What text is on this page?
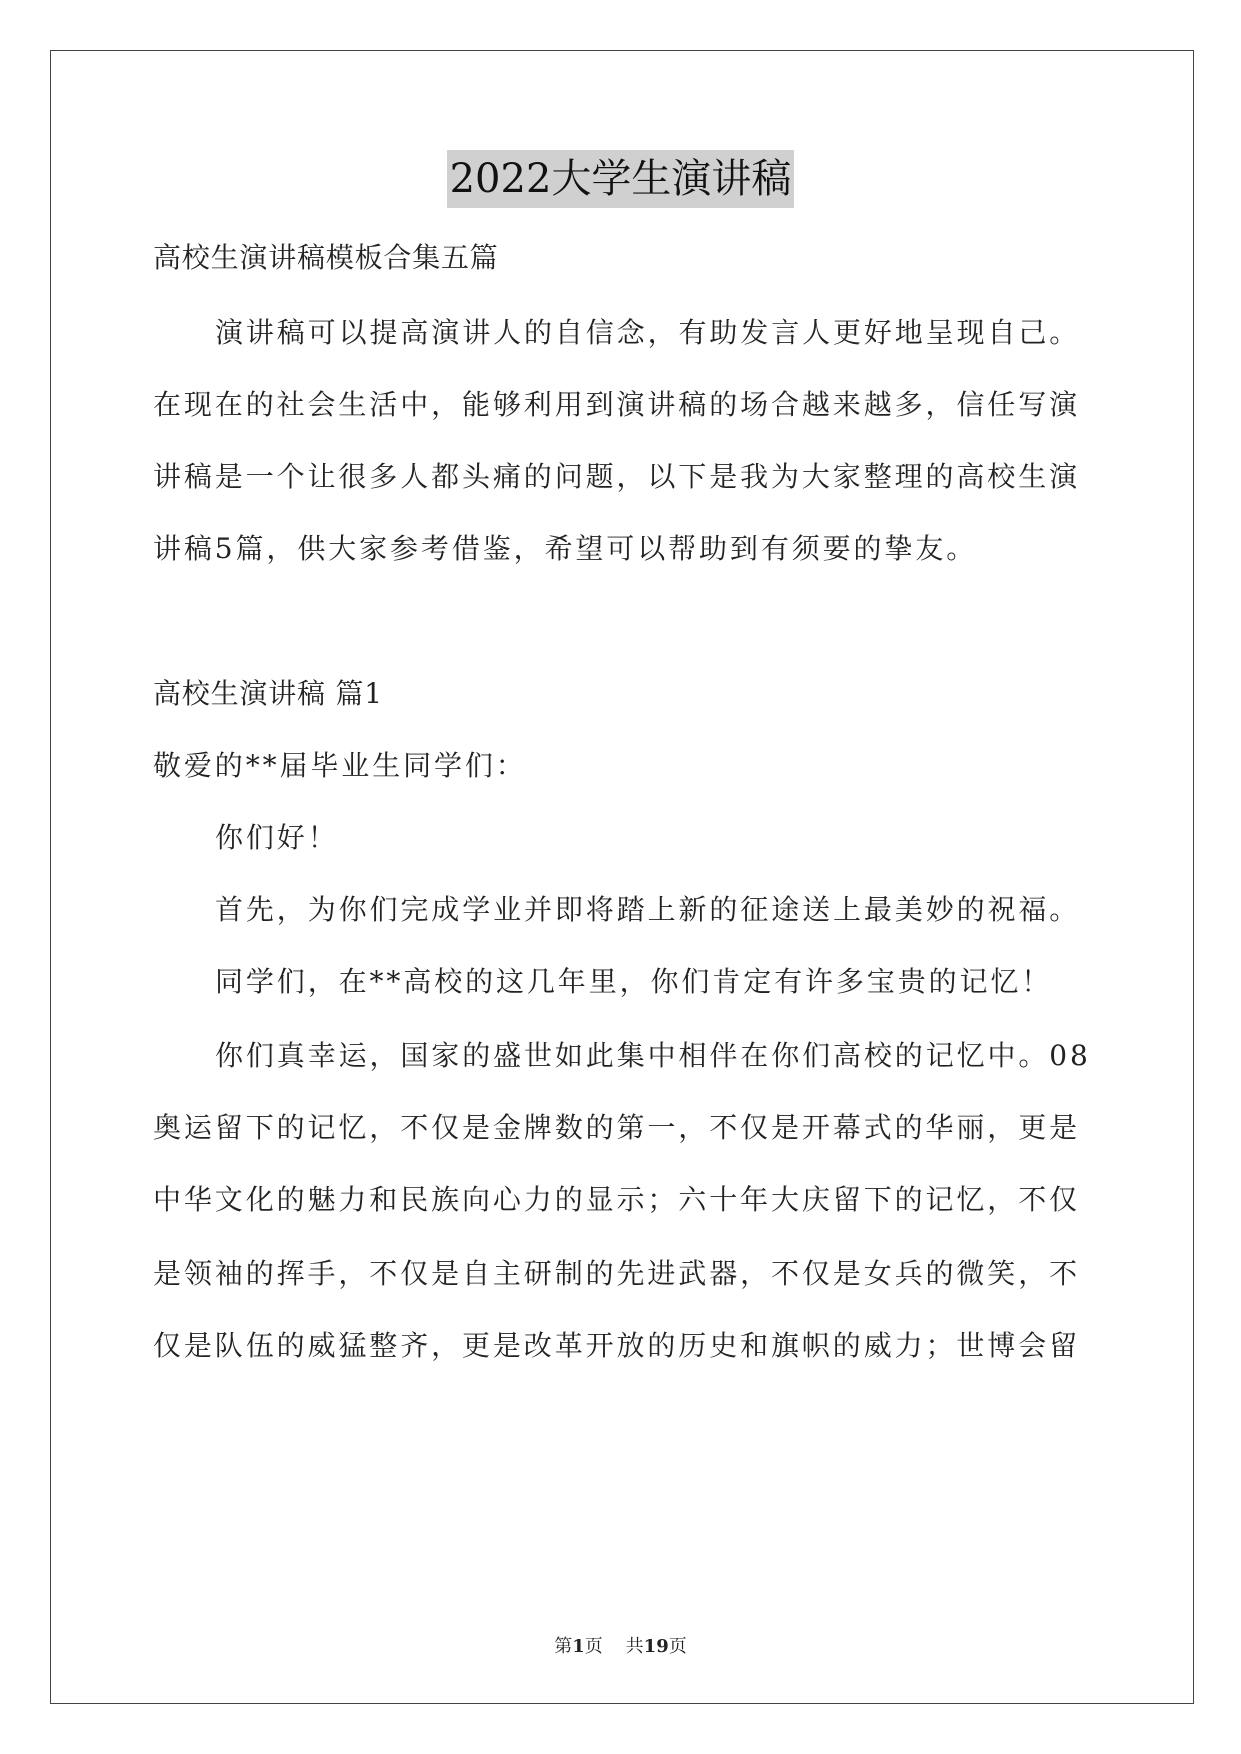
2022大学生演讲稿
高校生演讲稿模板合集五篇
演讲稿可以提高演讲人的自信念，有助发言人更好地呈现自己。
在现在的社会生活中，能够利用到演讲稿的场合越来越多，信任写演
讲稿是一个让很多人都头痛的问题，以下是我为大家整理的高校生演
讲稿5篇，供大家参考借鉴，希望可以帮助到有须要的挚友。
高校生演讲稿 篇1
敬爱的**届毕业生同学们：
你们好！
首先，为你们完成学业并即将踏上新的征途送上最美妙的祝福。
同学们，在**高校的这几年里，你们肯定有许多宝贵的记忆！
你们真幸运，国家的盛世如此集中相伴在你们高校的记忆中。08
奥运留下的记忆，不仅是金牌数的第一，不仅是开幕式的华丽，更是
中华文化的魅力和民族向心力的显示；六十年大庆留下的记忆，不仅
是领袖的挥手，不仅是自主研制的先进武器，不仅是女兵的微笑，不
仅是队伍的威猛整齐，更是改革开放的历史和旗帜的威力；世博会留
第1页 共19页
